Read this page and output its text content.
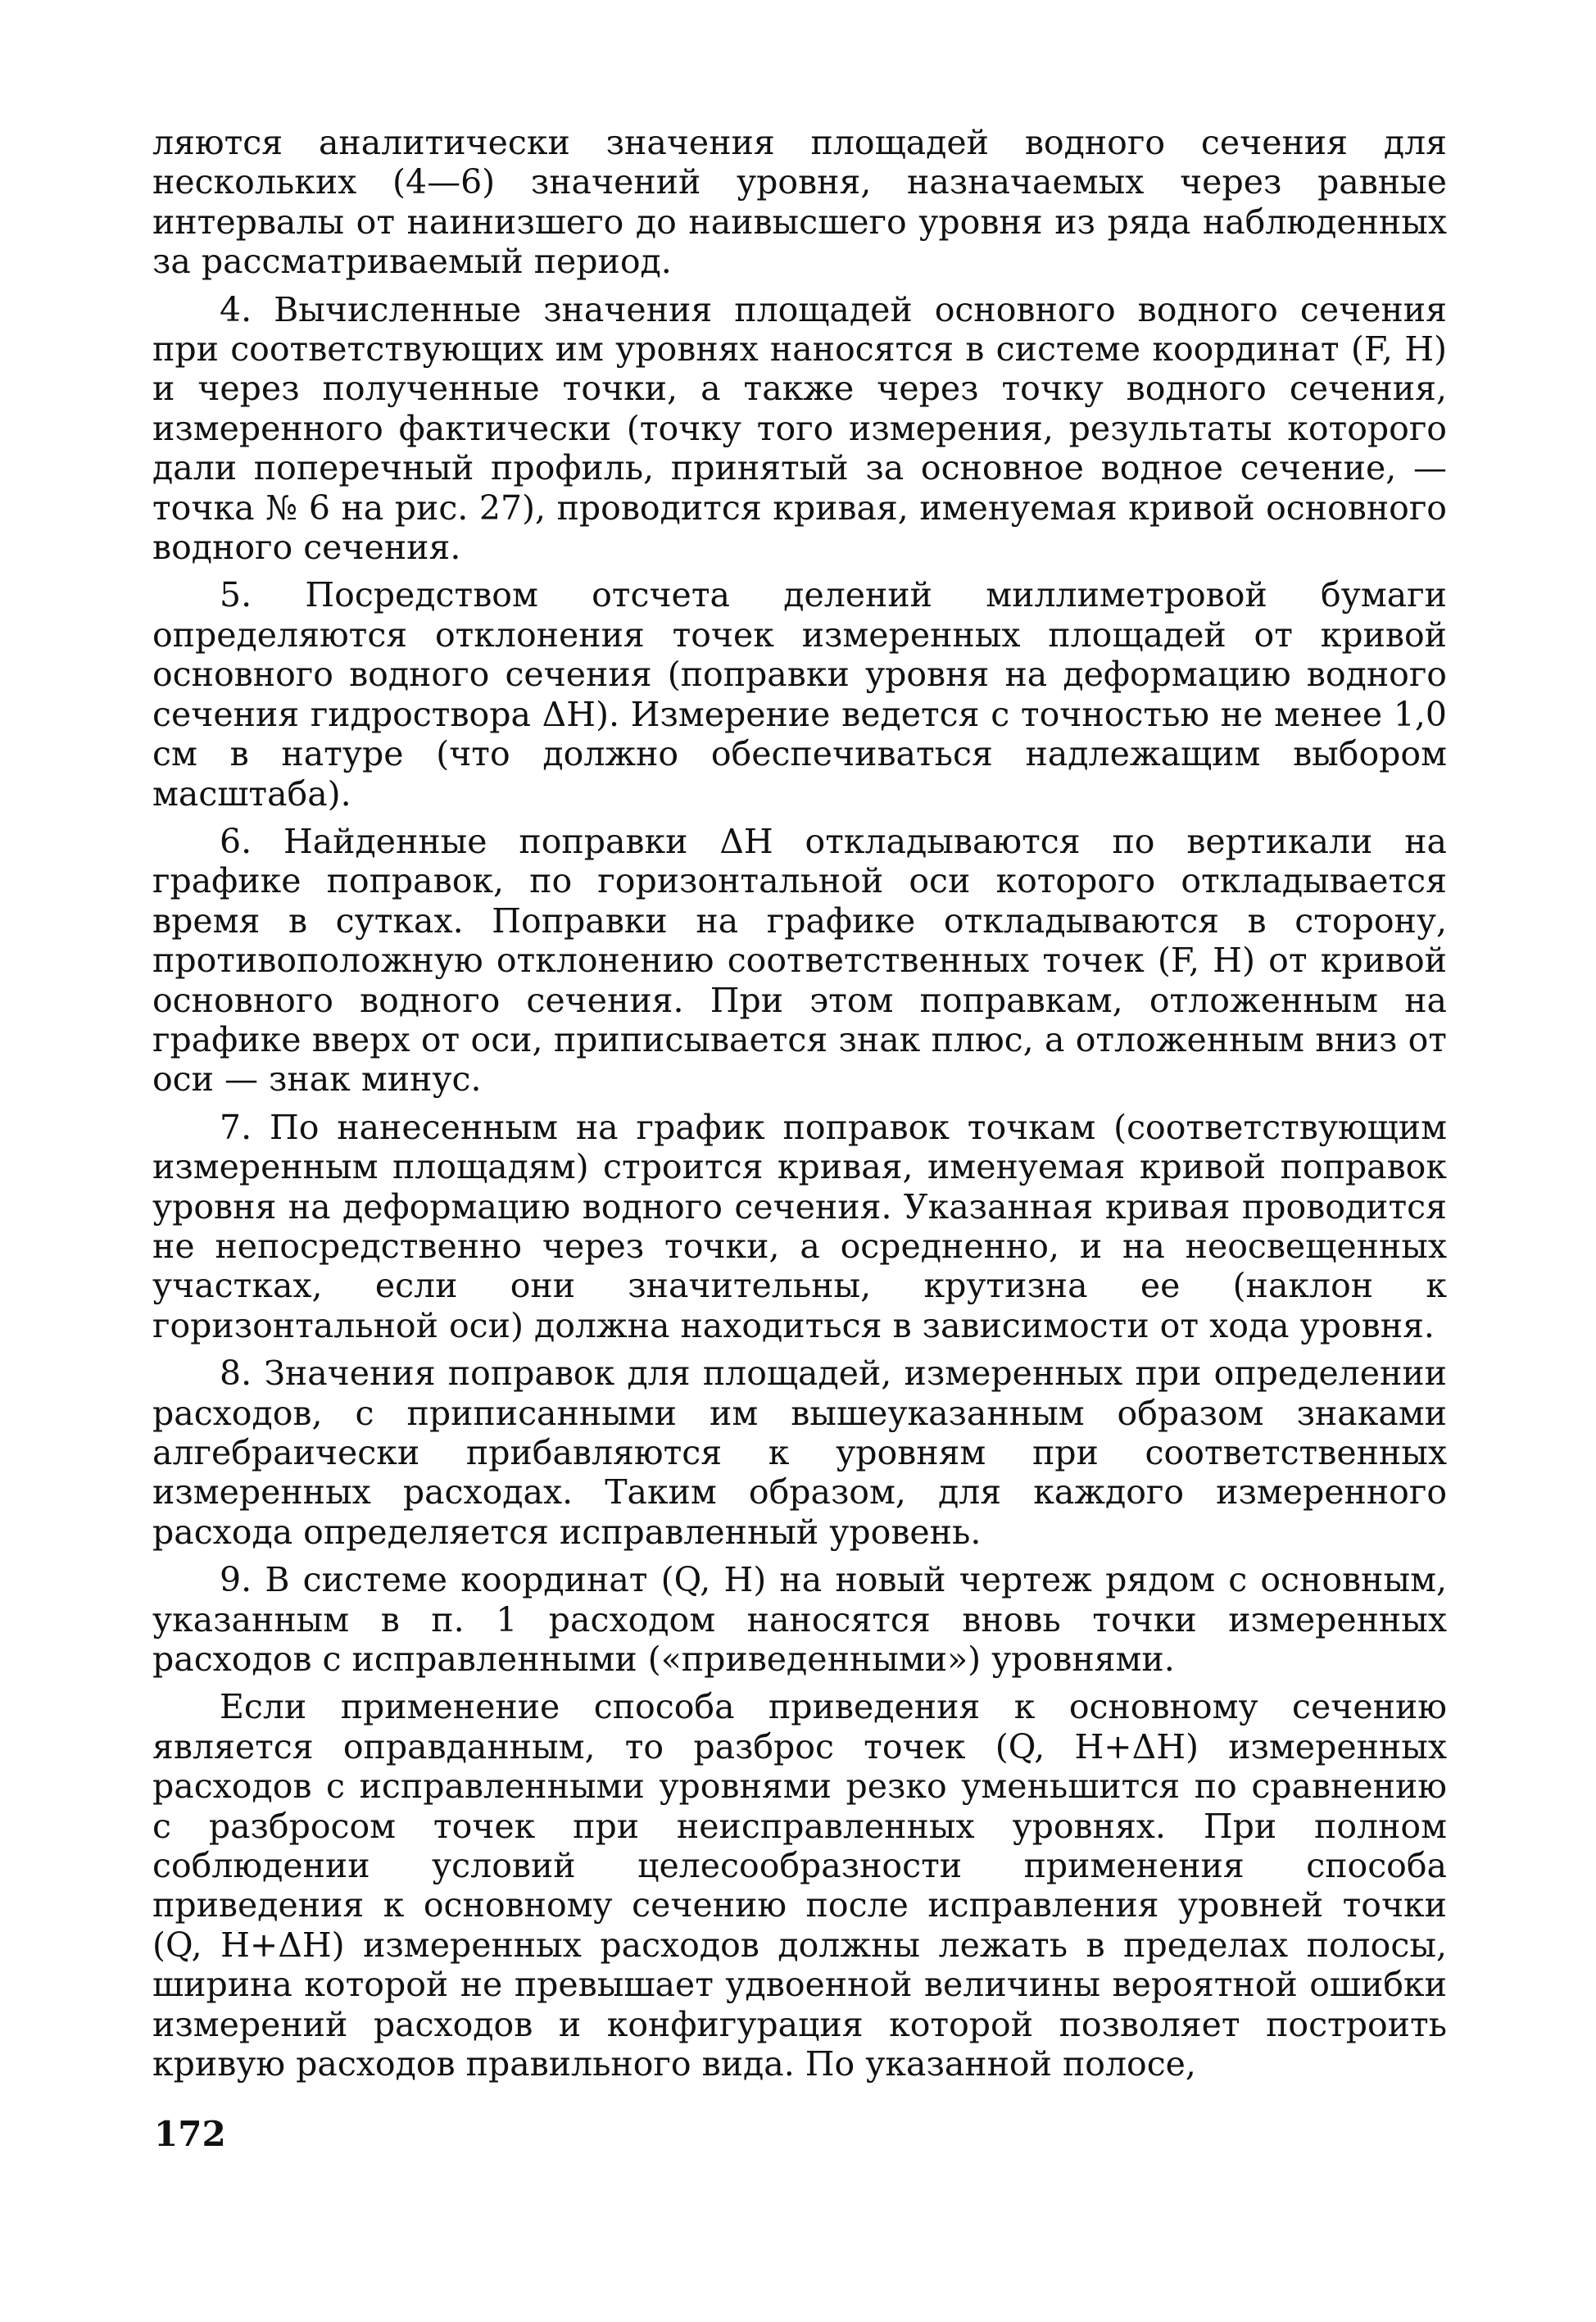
ляются аналитически значения площадей водного сечения для нескольких (4—6) значений уровня, назначаемых через равные интервалы от наинизшего до наивысшего уровня из ряда наблюденных за рассматриваемый период.

4. Вычисленные значения площадей основного водного сечения при соответствующих им уровнях наносятся в системе координат (F, H) и через полученные точки, а также через точку водного сечения, измеренного фактически (точку того измерения, результаты которого дали поперечный профиль, принятый за основное водное сечение, — точка № 6 на рис. 27), проводится кривая, именуемая кривой основного водного сечения.

5. Посредством отсчета делений миллиметровой бумаги определяются отклонения точек измеренных площадей от кривой основного водного сечения (поправки уровня на деформацию водного сечения гидроствора ΔH). Измерение ведется с точностью не менее 1,0 см в натуре (что должно обеспечиваться надлежащим выбором масштаба).

6. Найденные поправки ΔH откладываются по вертикали на графике поправок, по горизонтальной оси которого откладывается время в сутках. Поправки на графике откладываются в сторону, противоположную отклонению соответственных точек (F, H) от кривой основного водного сечения. При этом поправкам, отложенным на графике вверх от оси, приписывается знак плюс, а отложенным вниз от оси — знак минус.

7. По нанесенным на график поправок точкам (соответствующим измеренным площадям) строится кривая, именуемая кривой поправок уровня на деформацию водного сечения. Указанная кривая проводится не непосредственно через точки, а осредненно, и на неосвещенных участках, если они значительны, крутизна ее (наклон к горизонтальной оси) должна находиться в зависимости от хода уровня.

8. Значения поправок для площадей, измеренных при определении расходов, с приписанными им вышеуказанным образом знаками алгебраически прибавляются к уровням при соответственных измеренных расходах. Таким образом, для каждого измеренного расхода определяется исправленный уровень.

9. В системе координат (Q, H) на новый чертеж рядом с основным, указанным в п. 1 расходом наносятся вновь точки измеренных расходов с исправленными («приведенными») уровнями.

Если применение способа приведения к основному сечению является оправданным, то разброс точек (Q, H+ΔH) измеренных расходов с исправленными уровнями резко уменьшится по сравнению с разбросом точек при неисправленных уровнях. При полном соблюдении условий целесообразности применения способа приведения к основному сечению после исправления уровней точки (Q, H+ΔH) измеренных расходов должны лежать в пределах полосы, ширина которой не превышает удвоенной величины вероятной ошибки измерений расходов и конфигурация которой позволяет построить кривую расходов правильного вида. По указанной полосе,

172
